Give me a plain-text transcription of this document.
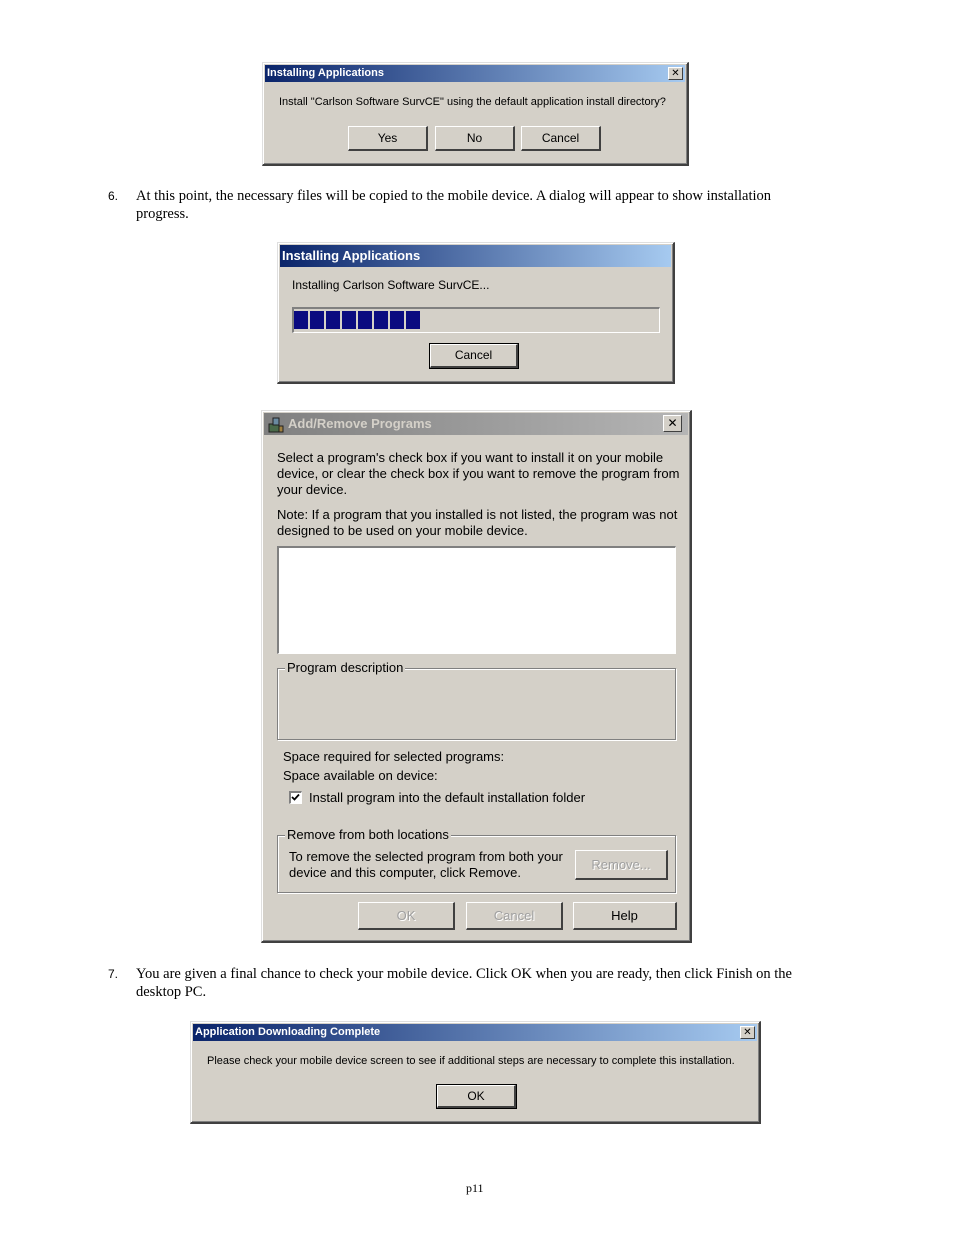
Installing Applications	✕
Install "Carlson Software SurvCE" using the default application install directory?
Yes	No	Cancel
6. At this point, the necessary files will be copied to the mobile device. A dialog will appear to show installation
progress.
Installing Applications
Installing Carlson Software SurvCE...
Cancel
Add/Remove Programs	✕
Select a program's check box if you want to install it on your mobile
device, or clear the check box if you want to remove the program from
your device.
Note: If a program that you installed is not listed, the program was not
designed to be used on your mobile device.
Program description
Space required for selected programs:
Space available on device:
Install program into the default installation folder
Remove from both locations
To remove the selected program from both your
device and this computer, click Remove.
Remove...
OK	Cancel	Help
7. You are given a final chance to check your mobile device. Click OK when you are ready, then click Finish on the
desktop PC.
Application Downloading Complete	✕
Please check your mobile device screen to see if additional steps are necessary to complete this installation.
OK
p11
